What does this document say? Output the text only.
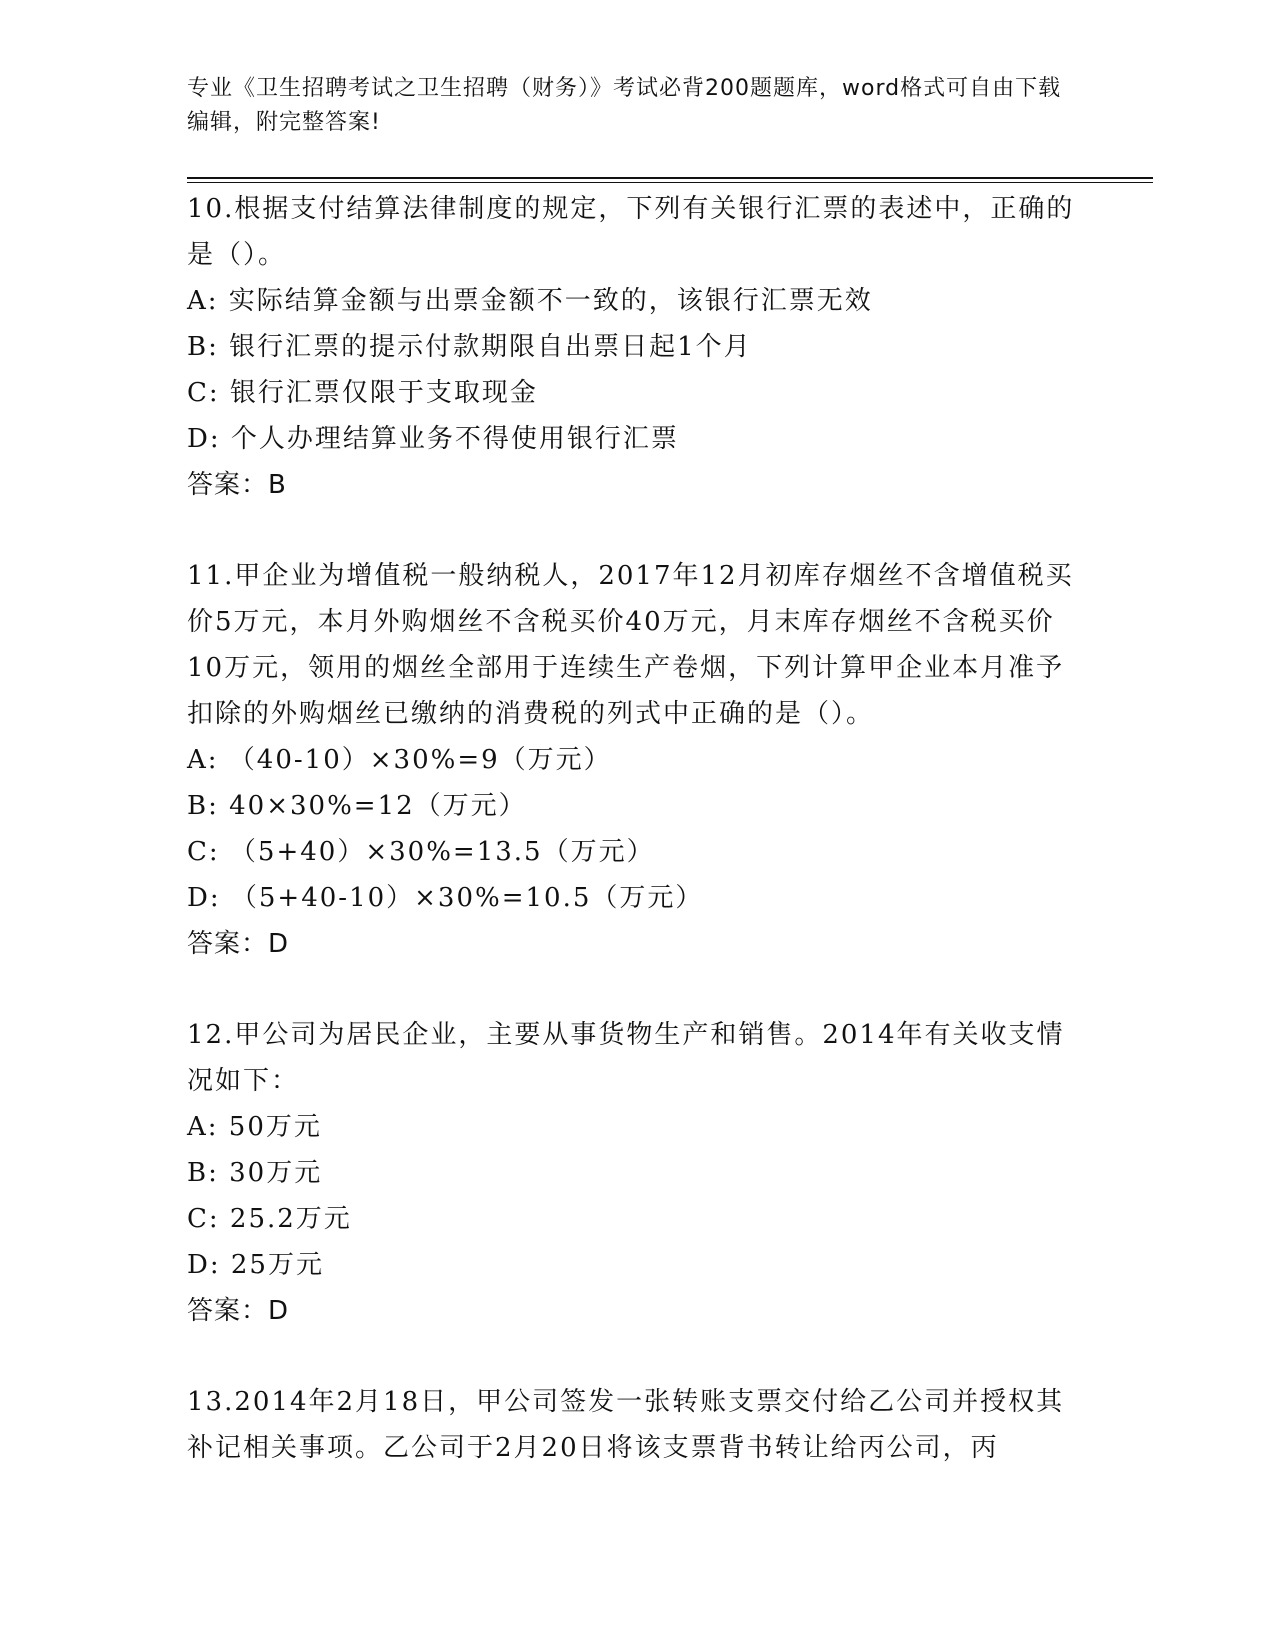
专业《卫生招聘考试之卫生招聘（财务）》考试必背200题题库，word格式可自由下载编辑，附完整答案!
10.根据支付结算法律制度的规定，下列有关银行汇票的表述中，正确的是（）。
A: 实际结算金额与出票金额不一致的，该银行汇票无效
B: 银行汇票的提示付款期限自出票日起1个月
C: 银行汇票仅限于支取现金
D: 个人办理结算业务不得使用银行汇票
答案：B
11.甲企业为增值税一般纳税人，2017年12月初库存烟丝不含增值税买价5万元，本月外购烟丝不含税买价40万元，月末库存烟丝不含税买价10万元，领用的烟丝全部用于连续生产卷烟，下列计算甲企业本月准予扣除的外购烟丝已缴纳的消费税的列式中正确的是（）。
A: （40-10）×30%=9（万元）
B: 40×30%=12（万元）
C: （5+40）×30%=13.5（万元）
D: （5+40-10）×30%=10.5（万元）
答案：D
12.甲公司为居民企业，主要从事货物生产和销售。2014年有关收支情况如下：
A: 50万元
B: 30万元
C: 25.2万元
D: 25万元
答案：D
13.2014年2月18日，甲公司签发一张转账支票交付给乙公司并授权其补记相关事项。乙公司于2月20日将该支票背书转让给丙公司，丙
